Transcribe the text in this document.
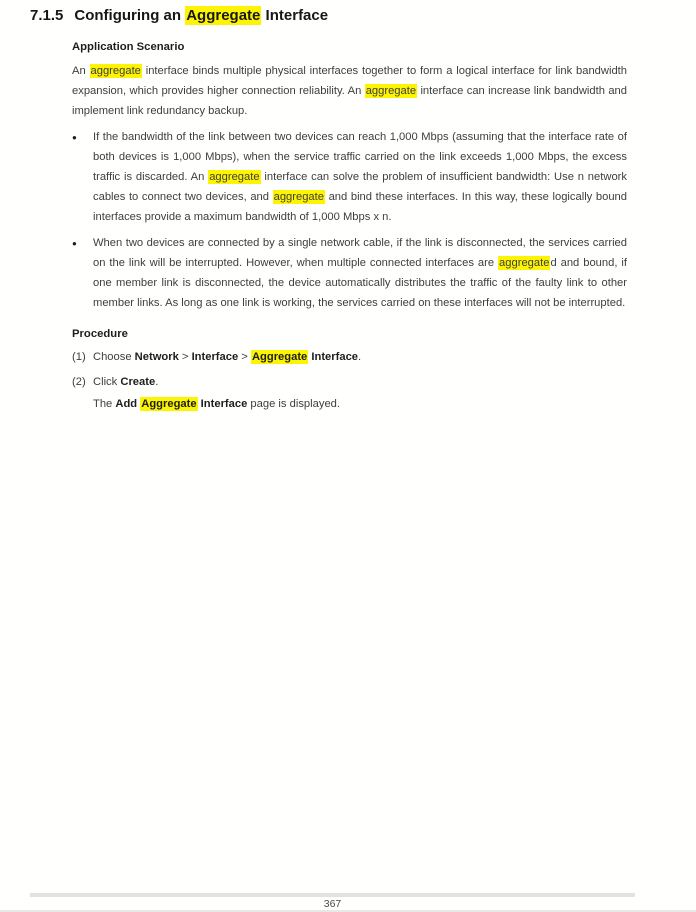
7.1.5 Configuring an Aggregate Interface
Application Scenario

An aggregate interface binds multiple physical interfaces together to form a logical interface for link bandwidth expansion, which provides higher connection reliability. An aggregate interface can increase link bandwidth and implement link redundancy backup.

●	If the bandwidth of the link between two devices can reach 1,000 Mbps (assuming that the interface rate of both devices is 1,000 Mbps), when the service traffic carried on the link exceeds 1,000 Mbps, the excess traffic is discarded. An aggregate interface can solve the problem of insufficient bandwidth: Use n network cables to connect two devices, and aggregate and bind these interfaces. In this way, these logically bound interfaces provide a maximum bandwidth of 1,000 Mbps x n.

●	When two devices are connected by a single network cable, if the link is disconnected, the services carried on the link will be interrupted. However, when multiple connected interfaces are aggregated and bound, if one member link is disconnected, the device automatically distributes the traffic of the faulty link to other member links. As long as one link is working, the services carried on these interfaces will not be interrupted.

Procedure
(1) Choose Network > Interface > Aggregate Interface.
(2) Click Create.
The Add Aggregate Interface page is displayed.
367
